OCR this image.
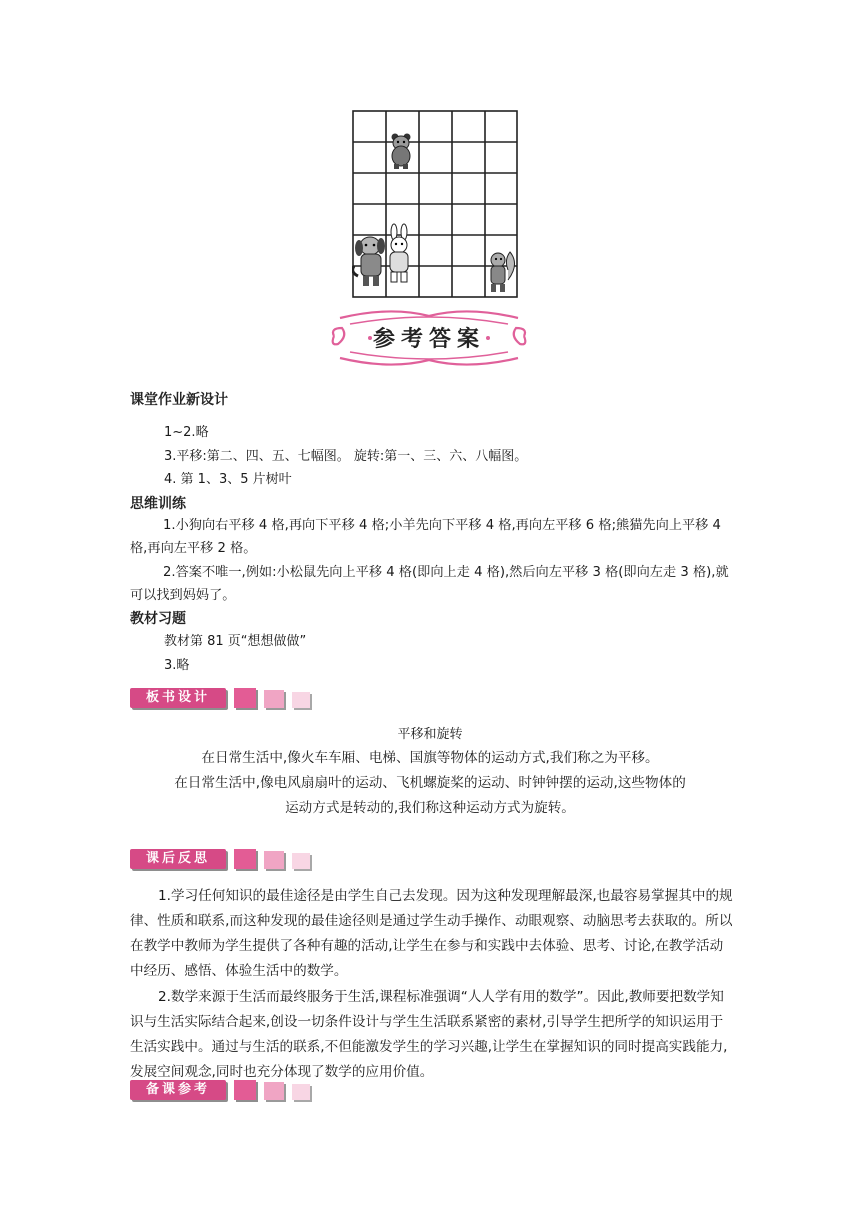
参考答案
课堂作业新设计
1~2.略
3.平移:第二、四、五、七幅图。 旋转:第一、三、六、八幅图。
4. 第 1、3、5 片树叶
思维训练
1.小狗向右平移 4 格,再向下平移 4 格;小羊先向下平移 4 格,再向左平移 6 格;熊猫先向上平移 4 格,再向左平移 2 格。
2.答案不唯一,例如:小松鼠先向上平移 4 格(即向上走 4 格),然后向左平移 3 格(即向左走 3 格),就可以找到妈妈了。
教材习题
教材第 81 页“想想做做”
3.略
板书设计
平移和旋转
在日常生活中,像火车车厢、电梯、国旗等物体的运动方式,我们称之为平移。
在日常生活中,像电风扇扇叶的运动、飞机螺旋桨的运动、时钟钟摆的运动,这些物体的
运动方式是转动的,我们称这种运动方式为旋转。
课后反思
1.学习任何知识的最佳途径是由学生自己去发现。因为这种发现理解最深,也最容易掌握其中的规律、性质和联系,而这种发现的最佳途径则是通过学生动手操作、动眼观察、动脑思考去获取的。所以在教学中教师为学生提供了各种有趣的活动,让学生在参与和实践中去体验、思考、讨论,在教学活动中经历、感悟、体验生活中的数学。
2.数学来源于生活而最终服务于生活,课程标准强调“人人学有用的数学”。因此,教师要把数学知识与生活实际结合起来,创设一切条件设计与学生生活联系紧密的素材,引导学生把所学的知识运用于生活实践中。通过与生活的联系,不但能激发学生的学习兴趣,让学生在掌握知识的同时提高实践能力,发展空间观念,同时也充分体现了数学的应用价值。
备课参考
